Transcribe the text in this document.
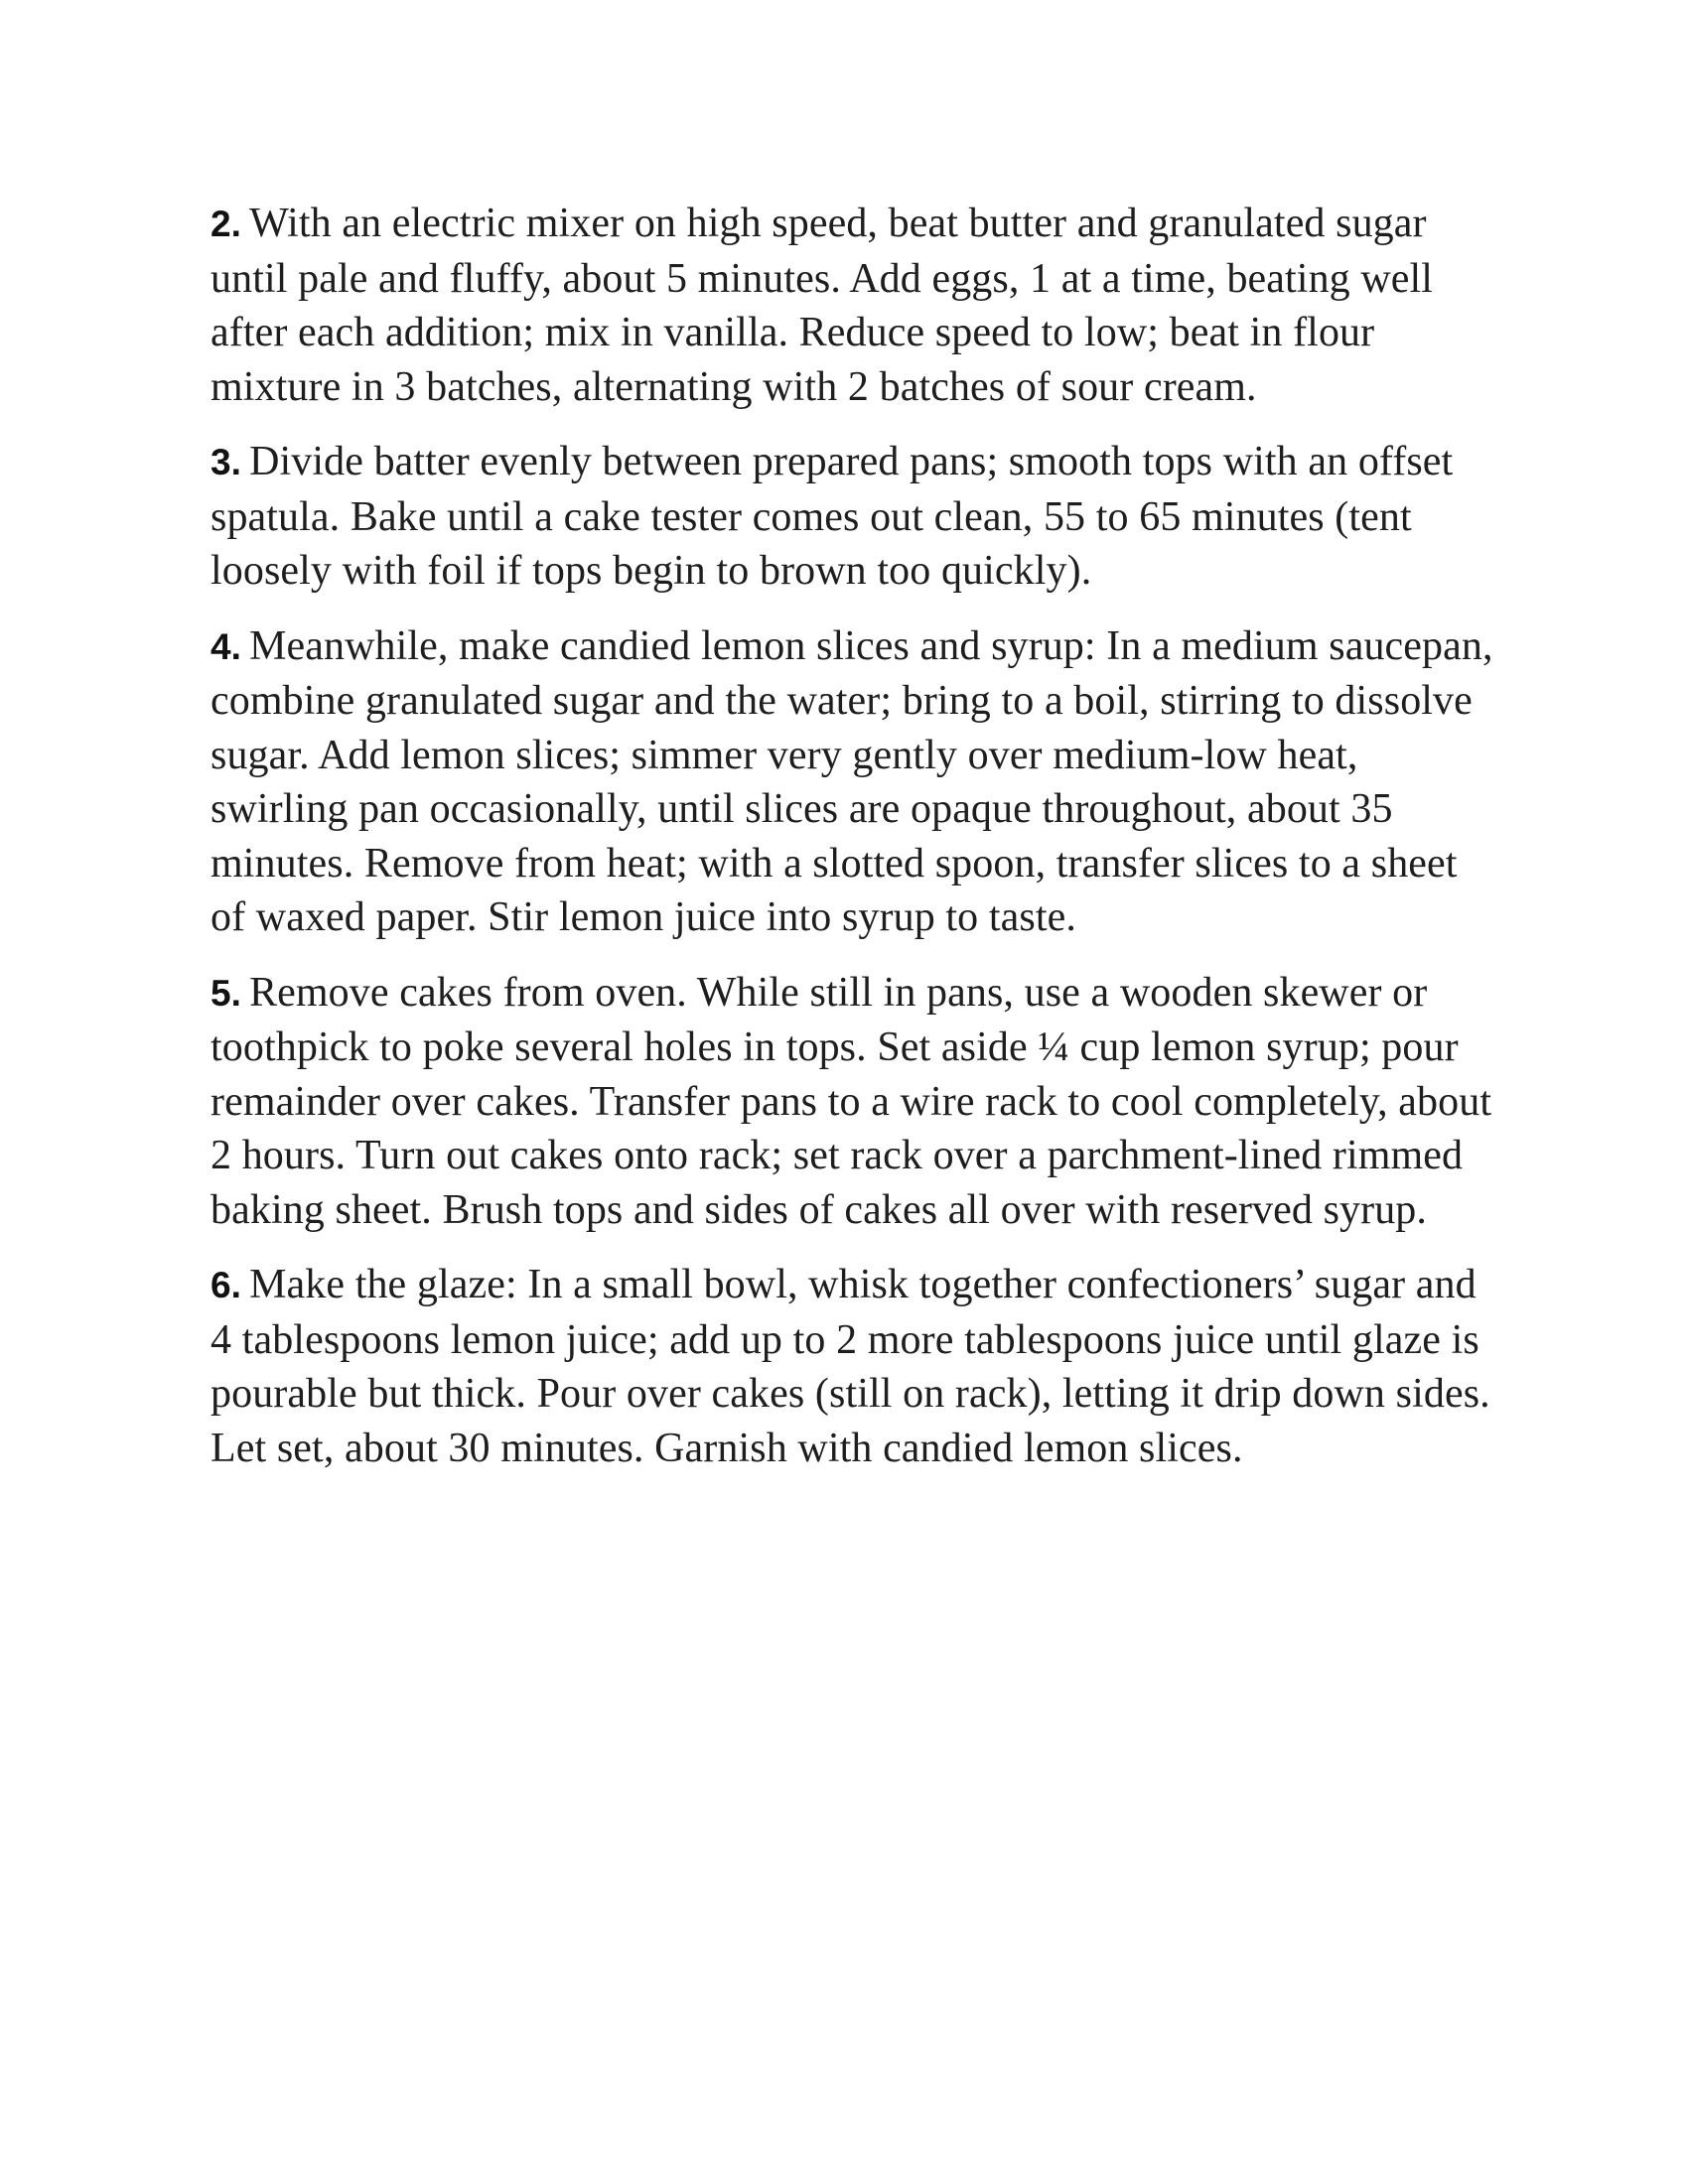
2. With an electric mixer on high speed, beat butter and granulated sugar until pale and fluffy, about 5 minutes. Add eggs, 1 at a time, beating well after each addition; mix in vanilla. Reduce speed to low; beat in flour mixture in 3 batches, alternating with 2 batches of sour cream.

3. Divide batter evenly between prepared pans; smooth tops with an offset spatula. Bake until a cake tester comes out clean, 55 to 65 minutes (tent loosely with foil if tops begin to brown too quickly).

4. Meanwhile, make candied lemon slices and syrup: In a medium saucepan, combine granulated sugar and the water; bring to a boil, stirring to dissolve sugar. Add lemon slices; simmer very gently over medium-low heat, swirling pan occasionally, until slices are opaque throughout, about 35 minutes. Remove from heat; with a slotted spoon, transfer slices to a sheet of waxed paper. Stir lemon juice into syrup to taste.

5. Remove cakes from oven. While still in pans, use a wooden skewer or toothpick to poke several holes in tops. Set aside ¼ cup lemon syrup; pour remainder over cakes. Transfer pans to a wire rack to cool completely, about 2 hours. Turn out cakes onto rack; set rack over a parchment-lined rimmed baking sheet. Brush tops and sides of cakes all over with reserved syrup.

6. Make the glaze: In a small bowl, whisk together confectioners’ sugar and 4 tablespoons lemon juice; add up to 2 more tablespoons juice until glaze is pourable but thick. Pour over cakes (still on rack), letting it drip down sides. Let set, about 30 minutes. Garnish with candied lemon slices.
